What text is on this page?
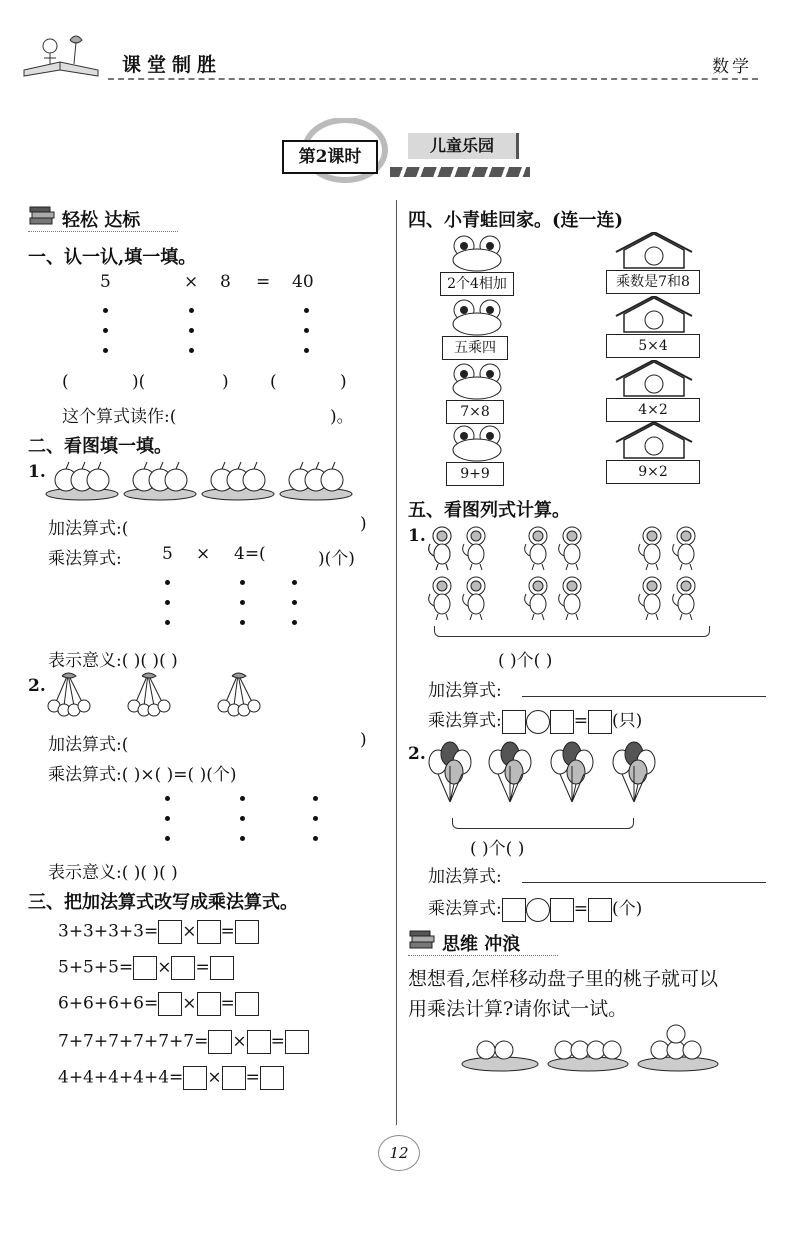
课堂制胜	数学
第2课时
儿童乐园
轻松 达标
一、认一认,填一填。
5	× 8 = 40
(	)(	) (	)
这个算式读作:(	)。
二、看图填一填。
1.
加法算式:(	)
乘法算式: 5 × 4=(	)(个)
表示意义:( )( )( )
2.
加法算式:(	)
乘法算式:( )×( )=( )(个)
表示意义:( )( )( )
三、把加法算式改写成乘法算式。
3+3+3+3= × =
5+5+5= × =
6+6+6+6= × =
7+7+7+7+7+7= × =
4+4+4+4+4= × =
四、小青蛙回家。(连一连)
2个4相加
五乘四
7×8
9+9
乘数是7和8
5×4
4×2
9×2
五、看图列式计算。
1.
( )个( )
加法算式:
乘法算式:	= (只)
2.
( )个( )
加法算式:
乘法算式:	= (个)
思维 冲浪
想想看,怎样移动盘子里的桃子就可以
用乘法计算?请你试一试。
12
